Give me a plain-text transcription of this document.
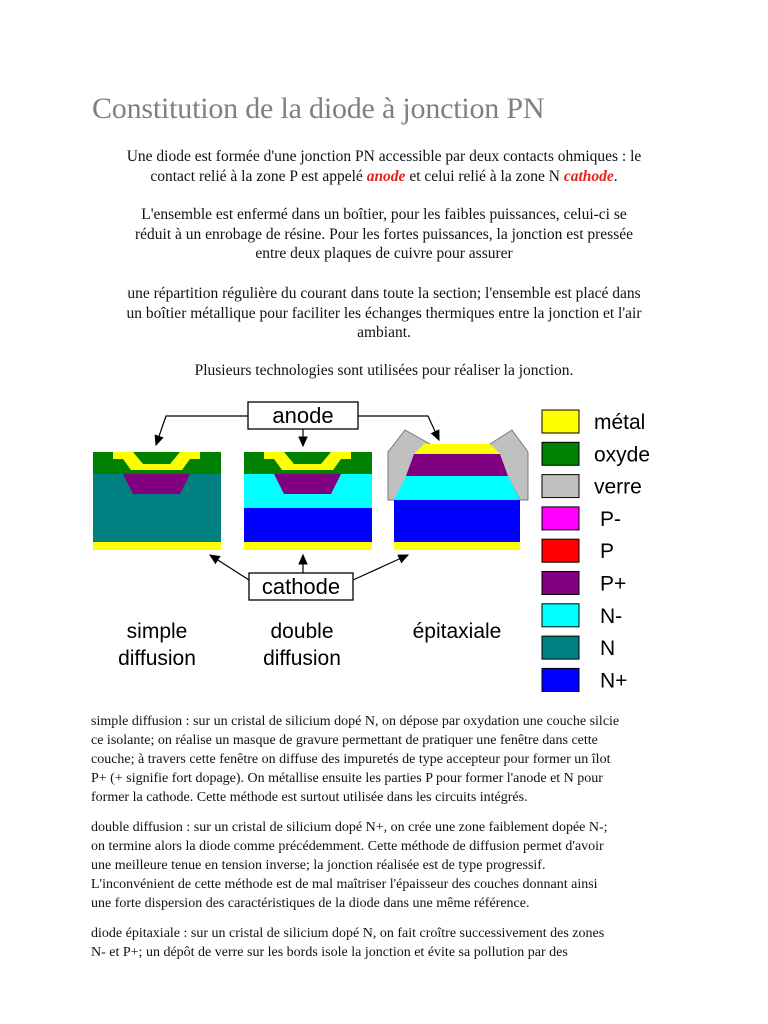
Constitution de la diode à jonction PN

Une diode est formée d'une jonction PN accessible par deux contacts ohmiques : le
contact relié à la zone P est appelé anode et celui relié à la zone N cathode.

L'ensemble est enfermé dans un boîtier, pour les faibles puissances, celui-ci se
réduit à un enrobage de résine. Pour les fortes puissances, la jonction est pressée
entre deux plaques de cuivre pour assurer

une répartition régulière du courant dans toute la section; l'ensemble est placé dans
un boîtier métallique pour faciliter les échanges thermiques entre la jonction et l'air
ambiant.

Plusieurs technologies sont utilisées pour réaliser la jonction.

anode
cathode
simple
diffusion
double
diffusion
épitaxiale
métal
oxyde
verre
P-
P
P+
N-
N
N+
simple diffusion : sur un cristal de silicium dopé N, on dépose par oxydation une couche silcie
ce isolante; on réalise un masque de gravure permettant de pratiquer une fenêtre dans cette
couche; à travers cette fenêtre on diffuse des impuretés de type accepteur pour former un îlot
P+ (+ signifie fort dopage). On métallise ensuite les parties P pour former l'anode et N pour
former la cathode. Cette méthode est surtout utilisée dans les circuits intégrés.
double diffusion : sur un cristal de silicium dopé N+, on crée une zone faiblement dopée N-;
on termine alors la diode comme précédemment. Cette méthode de diffusion permet d'avoir
une meilleure tenue en tension inverse; la jonction réalisée est de type progressif.
L'inconvénient de cette méthode est de mal maîtriser l'épaisseur des couches donnant ainsi
une forte dispersion des caractéristiques de la diode dans une même référence.
diode épitaxiale : sur un cristal de silicium dopé N, on fait croître successivement des zones
N- et P+; un dépôt de verre sur les bords isole la jonction et évite sa pollution par des
